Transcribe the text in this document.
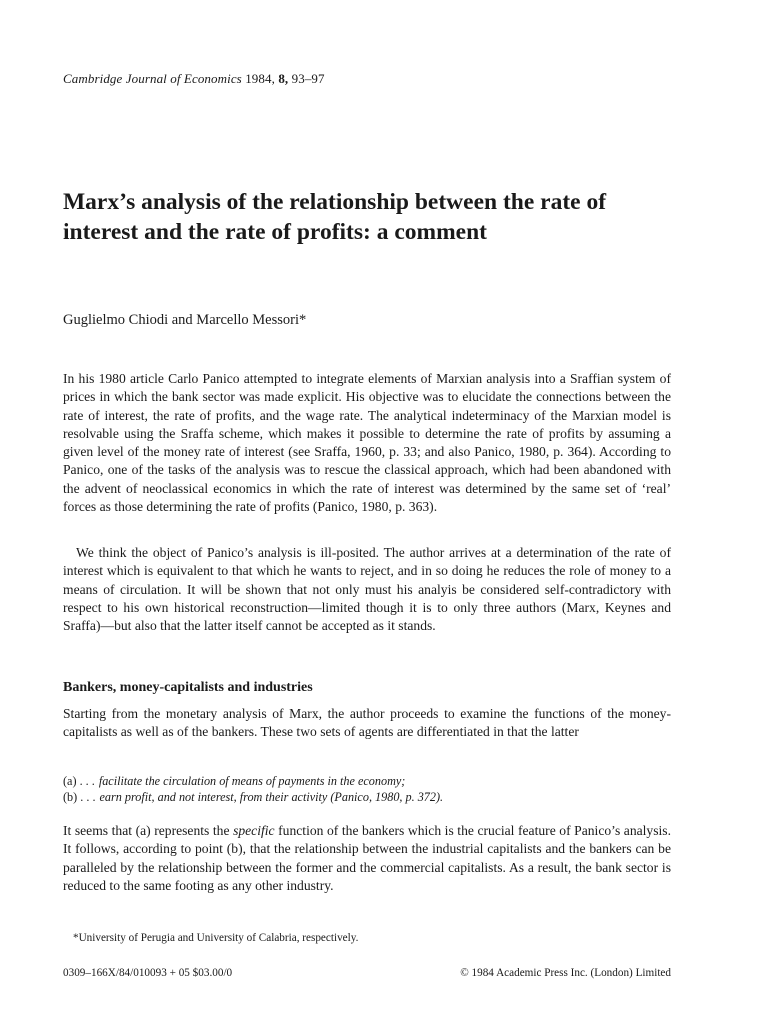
Cambridge Journal of Economics 1984, 8, 93–97
Marx’s analysis of the relationship between the rate of interest and the rate of profits: a comment
Guglielmo Chiodi and Marcello Messori*

In his 1980 article Carlo Panico attempted to integrate elements of Marxian analysis into a Sraffian system of prices in which the bank sector was made explicit. His objective was to elucidate the connections between the rate of interest, the rate of profits, and the wage rate. The analytical indeterminacy of the Marxian model is resolvable using the Sraffa scheme, which makes it possible to determine the rate of profits by assuming a given level of the money rate of interest (see Sraffa, 1960, p. 33; and also Panico, 1980, p. 364). According to Panico, one of the tasks of the analysis was to rescue the classical approach, which had been abandoned with the advent of neoclassical economics in which the rate of interest was determined by the same set of ‘real’ forces as those determining the rate of profits (Panico, 1980, p. 363).

We think the object of Panico’s analysis is ill-posited. The author arrives at a determination of the rate of interest which is equivalent to that which he wants to reject, and in so doing he reduces the role of money to a means of circulation. It will be shown that not only must his analyis be considered self-contradictory with respect to his own historical reconstruction—limited though it is to only three authors (Marx, Keynes and Sraffa)—but also that the latter itself cannot be accepted as it stands.

Bankers, money-capitalists and industries

Starting from the monetary analysis of Marx, the author proceeds to examine the functions of the money-capitalists as well as of the bankers. These two sets of agents are differentiated in that the latter

(a) . . . facilitate the circulation of means of payments in the economy;
(b) . . . earn profit, and not interest, from their activity (Panico, 1980, p. 372).

It seems that (a) represents the specific function of the bankers which is the crucial feature of Panico’s analysis. It follows, according to point (b), that the relationship between the industrial capitalists and the bankers can be paralleled by the relationship between the former and the commercial capitalists. As a result, the bank sector is reduced to the same footing as any other industry.

*University of Perugia and University of Calabria, respectively.
0309–166X/84/010093 + 05 $03.00/0	© 1984 Academic Press Inc. (London) Limited
